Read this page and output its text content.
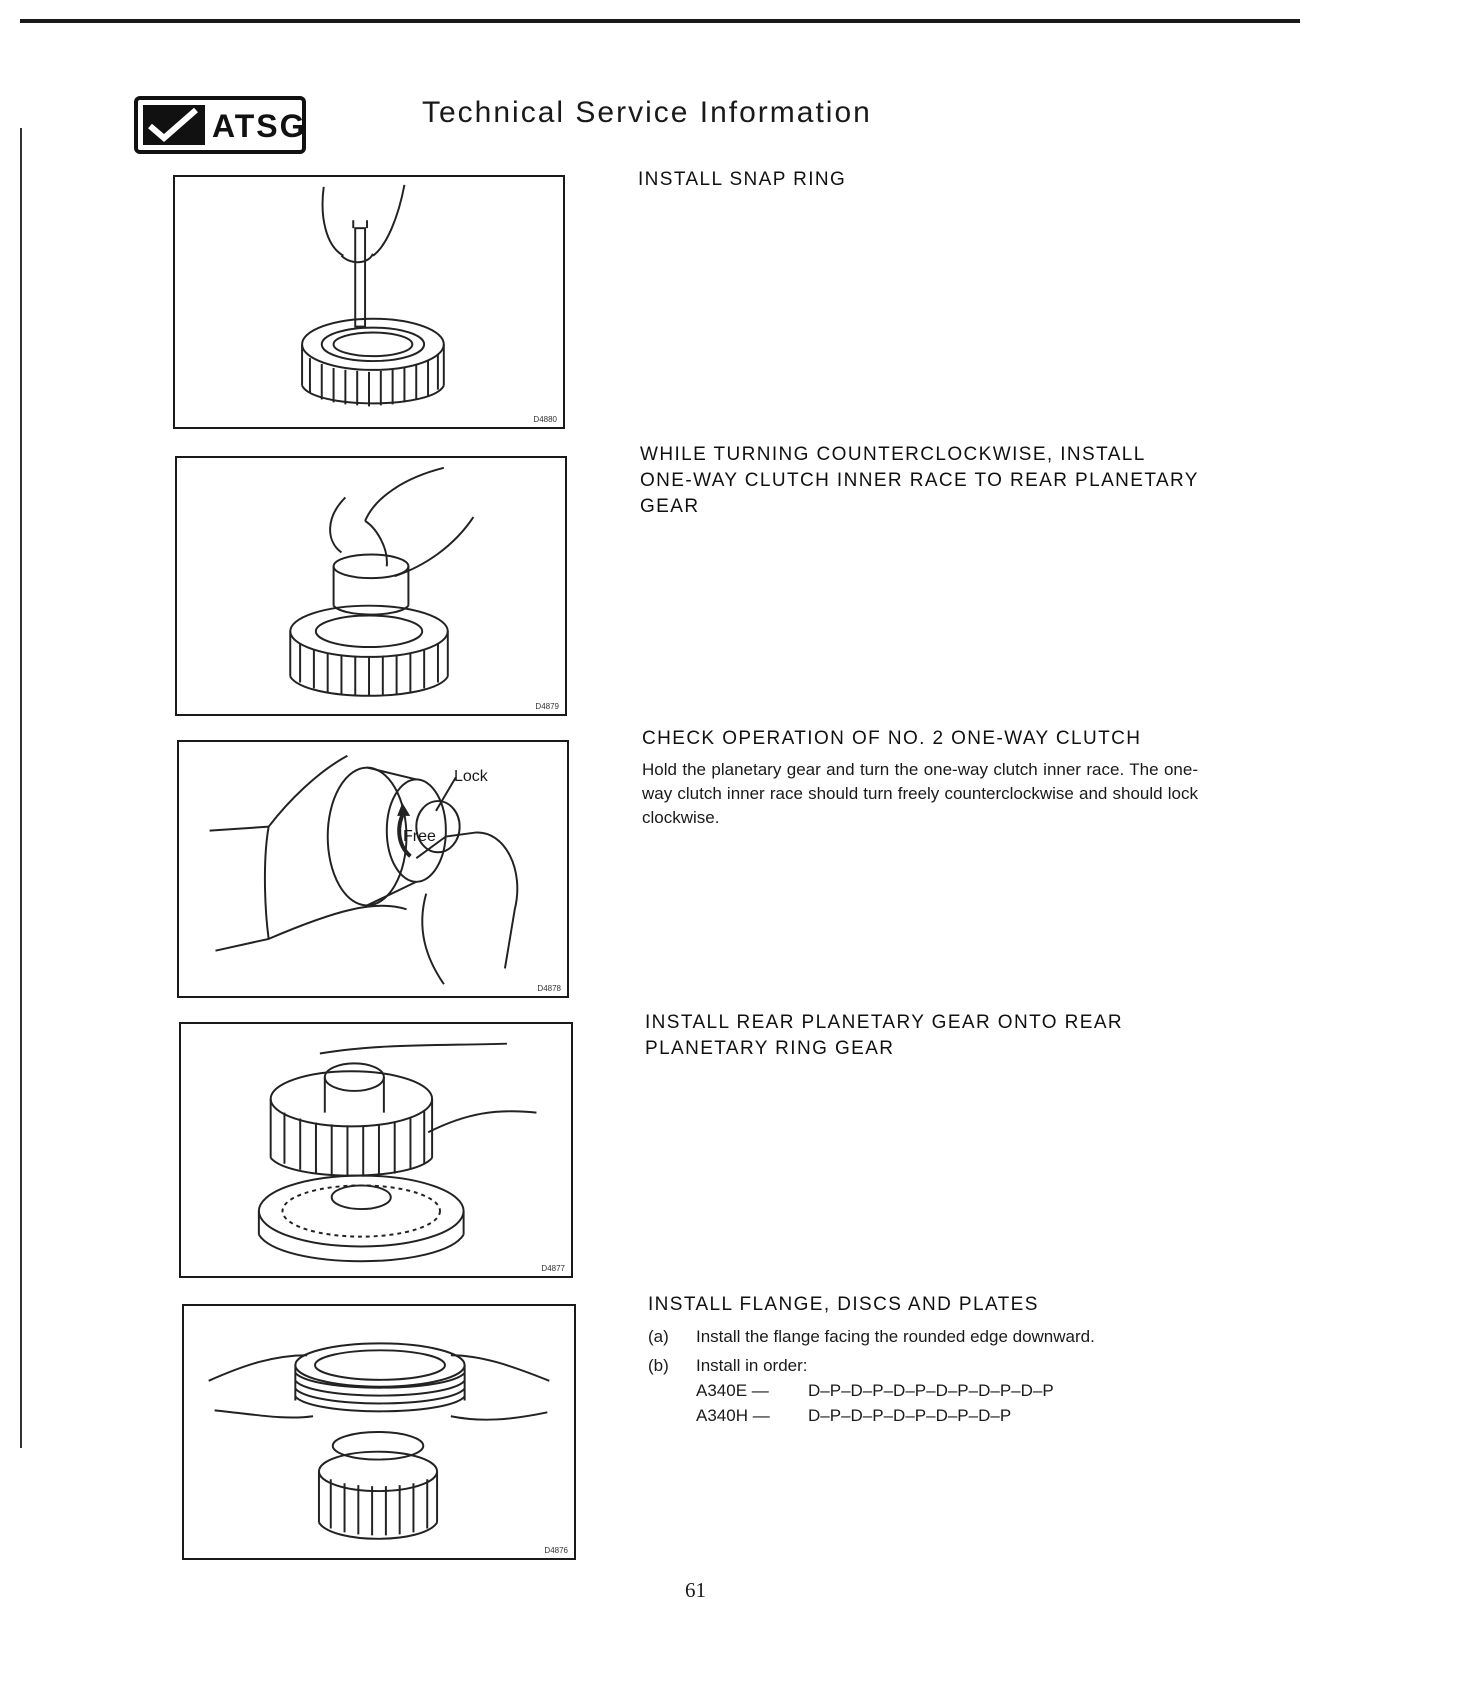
ATSG	Technical Service Information
D4880
D4879
Lock
Free
D4878
D4877
D4876
INSTALL SNAP RING
WHILE TURNING COUNTERCLOCKWISE, INSTALL ONE-WAY CLUTCH INNER RACE TO REAR PLANETARY GEAR
CHECK OPERATION OF NO. 2 ONE-WAY CLUTCH

Hold the planetary gear and turn the one-way clutch inner race. The one-way clutch inner race should turn freely counterclockwise and should lock clockwise.

INSTALL REAR PLANETARY GEAR ONTO REAR PLANETARY RING GEAR
INSTALL FLANGE, DISCS AND PLATES
(a)	Install the flange facing the rounded edge downward.
(b)	Install in order:
A340E —	D–P–D–P–D–P–D–P–D–P–D–P
A340H —	D–P–D–P–D–P–D–P–D–P
61
